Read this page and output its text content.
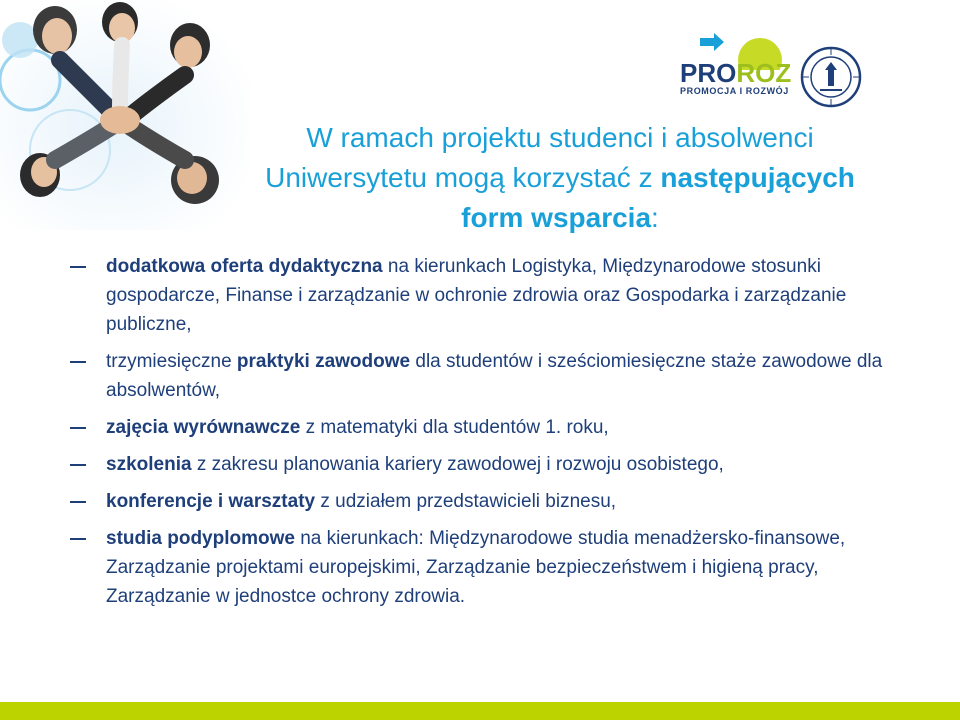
PROROZ
PROMOCJA I ROZWÓJ
W ramach projektu studenci i absolwenci
Uniwersytetu mogą korzystać z następujących
form wsparcia:
dodatkowa oferta dydaktyczna na kierunkach Logistyka, Międzynarodowe stosunki gospodarcze, Finanse i zarządzanie w ochronie zdrowia oraz Gospodarka i zarządzanie publiczne,
trzymiesięczne praktyki zawodowe dla studentów i sześciomiesięczne staże zawodowe dla absolwentów,
zajęcia wyrównawcze z matematyki dla studentów 1. roku,
szkolenia z zakresu planowania kariery zawodowej i rozwoju osobistego,
konferencje i warsztaty z udziałem przedstawicieli biznesu,
studia podyplomowe na kierunkach: Międzynarodowe studia menadżersko-finansowe, Zarządzanie projektami europejskimi, Zarządzanie bezpieczeństwem i higieną pracy, Zarządzanie w jednostce ochrony zdrowia.
